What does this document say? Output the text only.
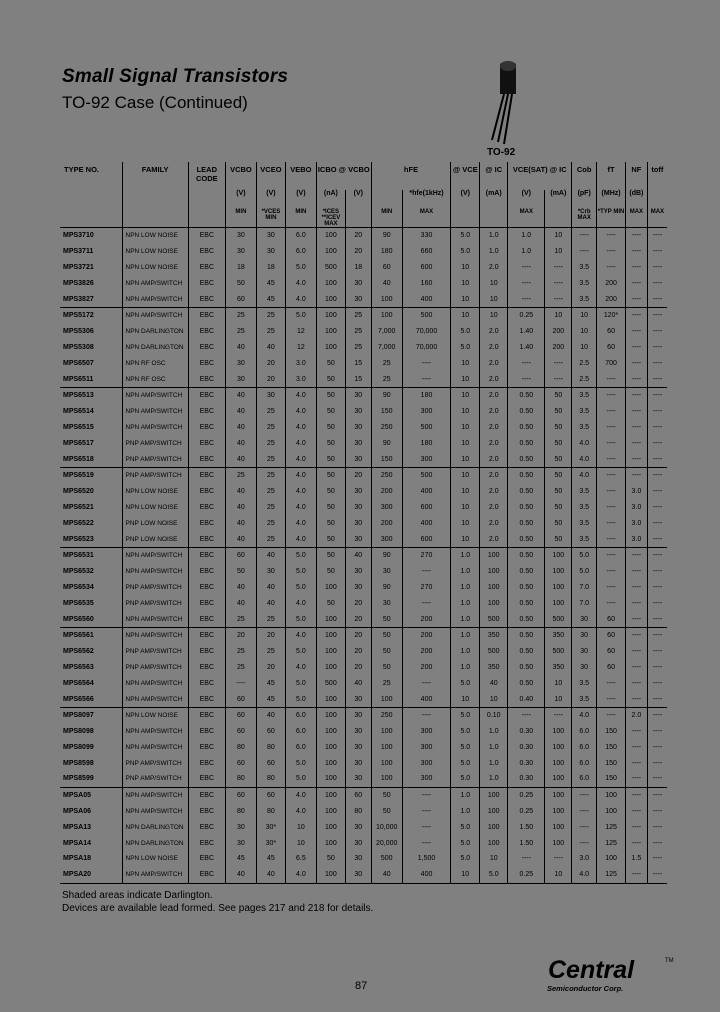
Small Signal Transistors
TO-92 Case (Continued)
TO-92
TYPE NO.	FAMILY	LEAD CODE	VCBO	VCEO	VEBO	ICBO @ VCBO		hFE		@ VCE	@ IC	VCE(SAT) @ IC		Cob	fT	NF	toff
			(V)	(V)	(V)	(nA)	(V)		*hfe(1kHz)	(V)	(mA)	(V)	(mA)	(pF)	(MHz)	(dB)	
			MIN	*VCES MIN	MIN	*ICES **ICEV MAX		MIN	MAX			MAX		*Crb MAX	*TYP MIN	MAX	MAX
MPS3710	NPN LOW NOISE	EBC	30	30	6.0	100	20	90	330	5.0	1.0	1.0	10	----	----	----	----
MPS3711	NPN LOW NOISE	EBC	30	30	6.0	100	20	180	660	5.0	1.0	1.0	10	----	----	----	----
MPS3721	NPN LOW NOISE	EBC	18	18	5.0	500	18	60	600	10	2.0	----	----	3.5	----	----	----
MPS3826	NPN AMP/SWITCH	EBC	50	45	4.0	100	30	40	160	10	10	----	----	3.5	200	----	----
MPS3827	NPN AMP/SWITCH	EBC	60	45	4.0	100	30	100	400	10	10	----	----	3.5	200	----	----
MPS5172	NPN AMP/SWITCH	EBC	25	25	5.0	100	25	100	500	10	10	0.25	10	10	120*	----	----
MPS5306	NPN DARLINGTON	EBC	25	25	12	100	25	7,000	70,000	5.0	2.0	1.40	200	10	60	----	----
MPS5308	NPN DARLINGTON	EBC	40	40	12	100	25	7,000	70,000	5.0	2.0	1.40	200	10	60	----	----
MPS6507	NPN RF OSC	EBC	30	20	3.0	50	15	25	----	10	2.0	----	----	2.5	700	----	----
MPS6511	NPN RF OSC	EBC	30	20	3.0	50	15	25	----	10	2.0	----	----	2.5	----	----	----
MPS6513	NPN AMP/SWITCH	EBC	40	30	4.0	50	30	90	180	10	2.0	0.50	50	3.5	----	----	----
MPS6514	NPN AMP/SWITCH	EBC	40	25	4.0	50	30	150	300	10	2.0	0.50	50	3.5	----	----	----
MPS6515	NPN AMP/SWITCH	EBC	40	25	4.0	50	30	250	500	10	2.0	0.50	50	3.5	----	----	----
MPS6517	PNP AMP/SWITCH	EBC	40	25	4.0	50	30	90	180	10	2.0	0.50	50	4.0	----	----	----
MPS6518	PNP AMP/SWITCH	EBC	40	25	4.0	50	30	150	300	10	2.0	0.50	50	4.0	----	----	----
MPS6519	PNP AMP/SWITCH	EBC	25	25	4.0	50	20	250	500	10	2.0	0.50	50	4.0	----	----	----
MPS6520	NPN LOW NOISE	EBC	40	25	4.0	50	30	200	400	10	2.0	0.50	50	3.5	----	3.0	----
MPS6521	NPN LOW NOISE	EBC	40	25	4.0	50	30	300	600	10	2.0	0.50	50	3.5	----	3.0	----
MPS6522	PNP LOW NOISE	EBC	40	25	4.0	50	30	200	400	10	2.0	0.50	50	3.5	----	3.0	----
MPS6523	PNP LOW NOISE	EBC	40	25	4.0	50	30	300	600	10	2.0	0.50	50	3.5	----	3.0	----
MPS6531	NPN AMP/SWITCH	EBC	60	40	5.0	50	40	90	270	1.0	100	0.50	100	5.0	----	----	----
MPS6532	NPN AMP/SWITCH	EBC	50	30	5.0	50	30	30	----	1.0	100	0.50	100	5.0	----	----	----
MPS6534	PNP AMP/SWITCH	EBC	40	40	5.0	100	30	90	270	1.0	100	0.50	100	7.0	----	----	----
MPS6535	PNP AMP/SWITCH	EBC	40	40	4.0	50	20	30	----	1.0	100	0.50	100	7.0	----	----	----
MPS6560	NPN AMP/SWITCH	EBC	25	25	5.0	100	20	50	200	1.0	500	0.50	500	30	60	----	----
MPS6561	NPN AMP/SWITCH	EBC	20	20	4.0	100	20	50	200	1.0	350	0.50	350	30	60	----	----
MPS6562	PNP AMP/SWITCH	EBC	25	25	5.0	100	20	50	200	1.0	500	0.50	500	30	60	----	----
MPS6563	PNP AMP/SWITCH	EBC	25	20	4.0	100	20	50	200	1.0	350	0.50	350	30	60	----	----
MPS6564	NPN AMP/SWITCH	EBC	----	45	5.0	500	40	25	----	5.0	40	0.50	10	3.5	----	----	----
MPS6566	NPN AMP/SWITCH	EBC	60	45	5.0	100	30	100	400	10	10	0.40	10	3.5	----	----	----
MPS8097	NPN LOW NOISE	EBC	60	40	6.0	100	30	250	----	5.0	0.10	----	----	4.0	----	2.0	----
MPS8098	NPN AMP/SWITCH	EBC	60	60	6.0	100	30	100	300	5.0	1.0	0.30	100	6.0	150	----	----
MPS8099	NPN AMP/SWITCH	EBC	80	80	6.0	100	30	100	300	5.0	1.0	0.30	100	6.0	150	----	----
MPS8598	PNP AMP/SWITCH	EBC	60	60	5.0	100	30	100	300	5.0	1.0	0.30	100	6.0	150	----	----
MPS8599	PNP AMP/SWITCH	EBC	80	80	5.0	100	30	100	300	5.0	1.0	0.30	100	6.0	150	----	----
MPSA05	NPN AMP/SWITCH	EBC	60	60	4.0	100	60	50	----	1.0	100	0.25	100	----	100	----	----
MPSA06	NPN AMP/SWITCH	EBC	80	80	4.0	100	80	50	----	1.0	100	0.25	100	----	100	----	----
MPSA13	NPN DARLINGTON	EBC	30	30*	10	100	30	10,000	----	5.0	100	1.50	100	----	125	----	----
MPSA14	NPN DARLINGTON	EBC	30	30*	10	100	30	20,000	----	5.0	100	1.50	100	----	125	----	----
MPSA18	NPN LOW NOISE	EBC	45	45	6.5	50	30	500	1,500	5.0	10	----	----	3.0	100	1.5	----
MPSA20	NPN AMP/SWITCH	EBC	40	40	4.0	100	30	40	400	10	5.0	0.25	10	4.0	125	----	----
Shaded areas indicate Darlington.
Devices are available lead formed. See pages 217 and 218 for details.
87
Central	TM
Semiconductor Corp.
